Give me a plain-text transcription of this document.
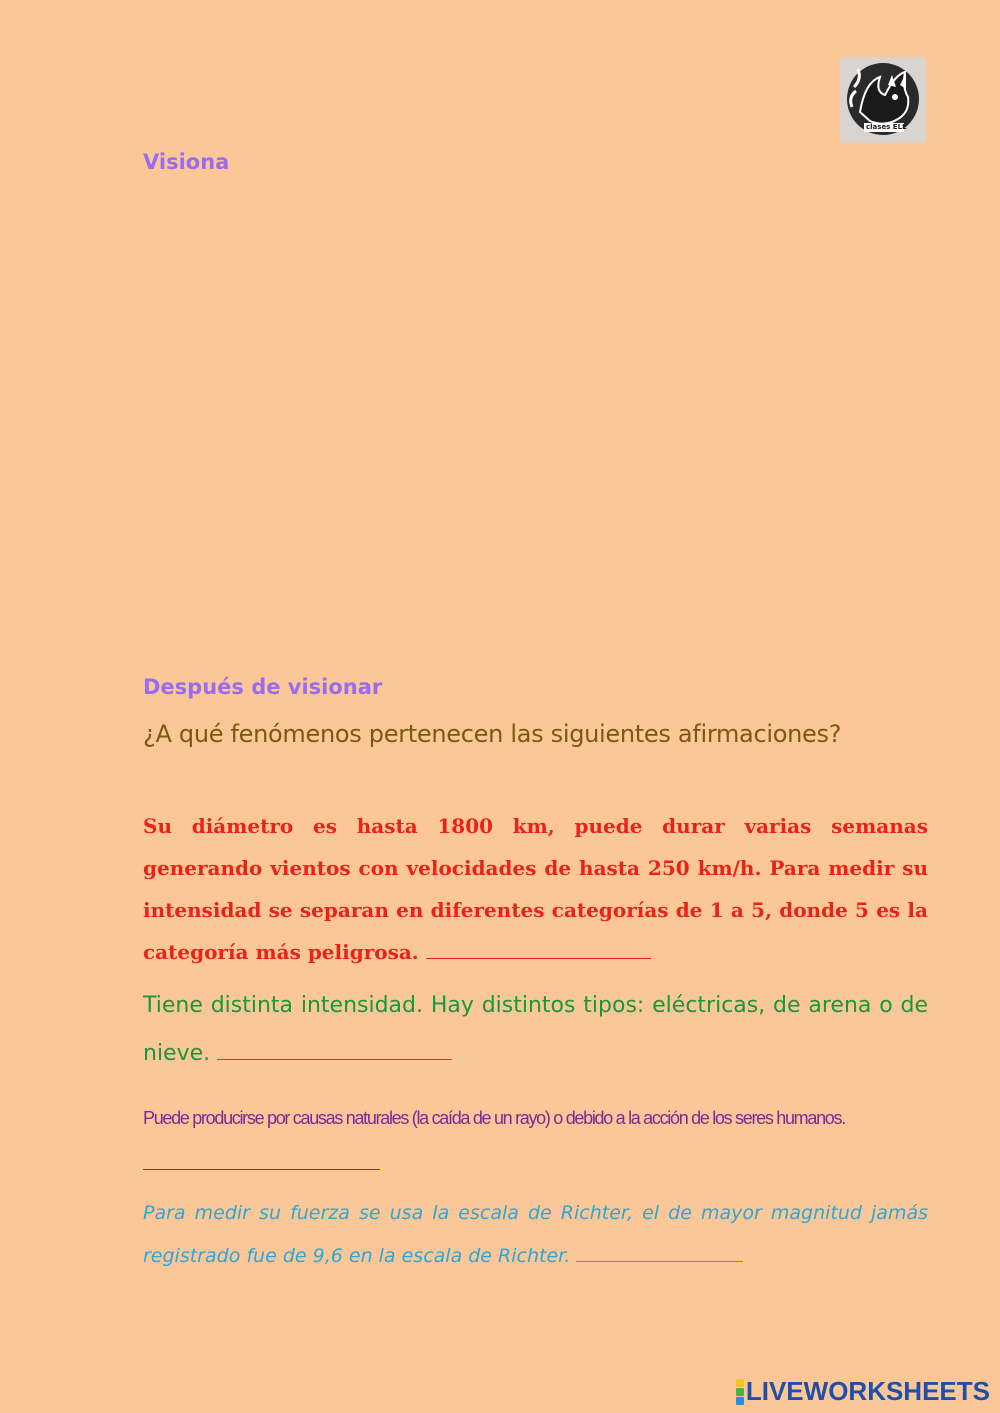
clases ELE
Visiona
Después de visionar
¿A qué fenómenos pertenecen las siguientes afirmaciones?
Su diámetro es hasta 1800 km, puede durar varias semanas generando vientos con velocidades de hasta 250 km/h. Para medir su intensidad se separan en diferentes categorías de 1 a 5, donde 5 es la categoría más peligrosa.
Tiene distinta intensidad. Hay distintos tipos: eléctricas, de arena o de nieve.
Puede producirse por causas naturales (la caída de un rayo) o debido a la acción de los seres humanos.

Para medir su fuerza se usa la escala de Richter, el de mayor magnitud jamás registrado fue de 9,6 en la escala de Richter.
LIVEWORKSHEETS
